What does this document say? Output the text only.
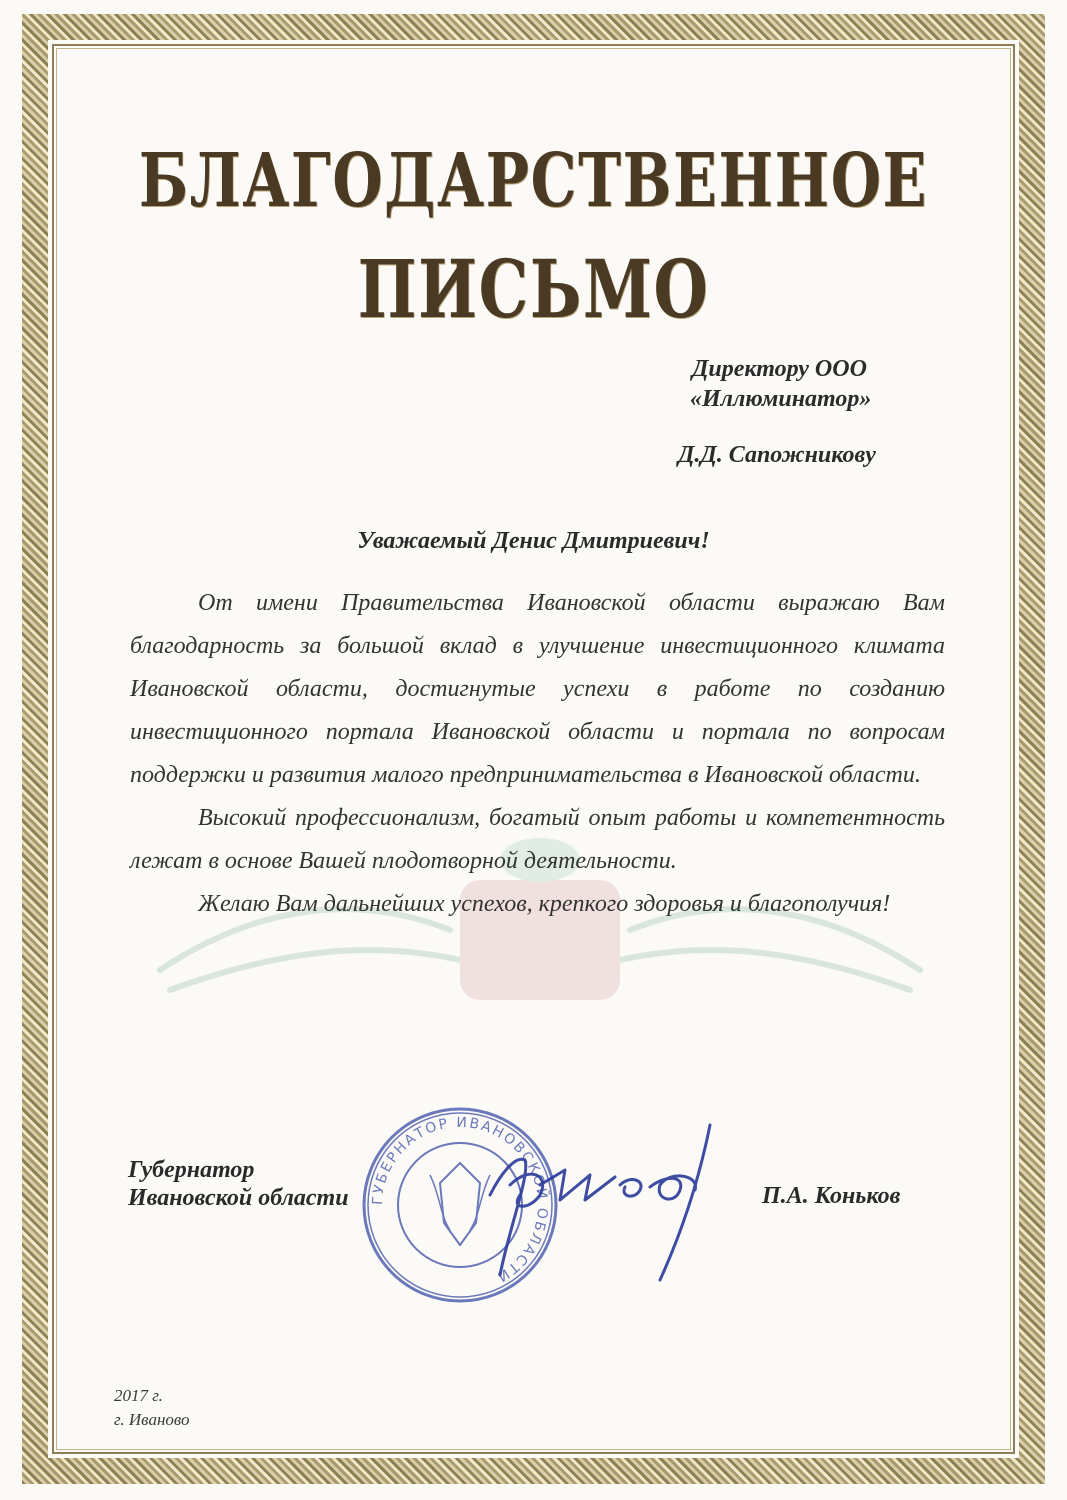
БЛАГОДАРСТВЕННОЕ
ПИСЬМО
Директору ООО
«Иллюминатор»
Д.Д. Сапожникову
Уважаемый Денис Дмитриевич!

От имени Правительства Ивановской области выражаю Вам благодарность за большой вклад в улучшение инвестиционного климата Ивановской области, достигнутые успехи в работе по созданию инвестиционного портала Ивановской области и портала по вопросам поддержки и развития малого предпринимательства в Ивановской области.

Высокий профессионализм, богатый опыт работы и компетентность лежат в основе Вашей плодотворной деятельности.

Желаю Вам дальнейших успехов, крепкого здоровья и благополучия!

Губернатор
Ивановской области ГУБЕРНАТОР ИВАНОВСКОЙ ОБЛАСТИ
П.А. Коньков
2017 г.
г. Иваново
